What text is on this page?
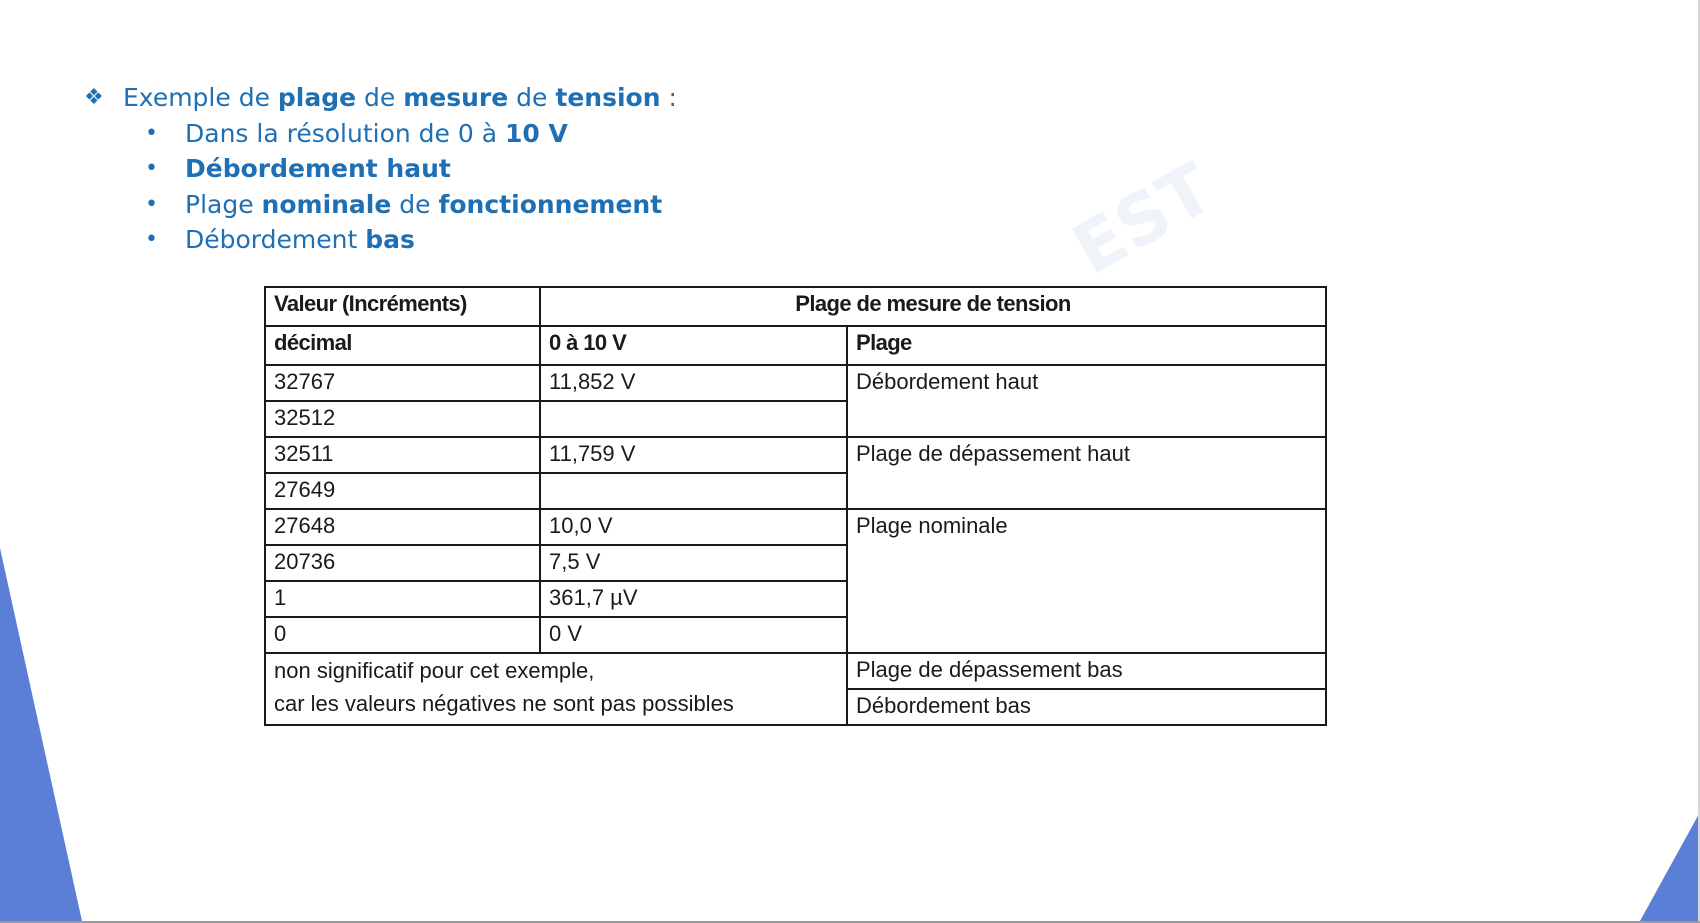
EST
❖ Exemple de plage de mesure de tension :
• Dans la résolution de 0 à 10 V
• Débordement haut
• Plage nominale de fonctionnement
• Débordement bas
Valeur (Incréments)	Plage de mesure de tension	
décimal	0 à 10 V	Plage
32767	11,852 V	Débordement haut
32512		
32511	11,759 V	Plage de dépassement haut
27649		
27648	10,0 V	Plage nominale
20736	7,5 V	
1	361,7 µV	
0	0 V	

non significatif pour cet exemple,
car les valeurs négatives ne sont pas possibles		Plage de dépassement bas
		Débordement bas
